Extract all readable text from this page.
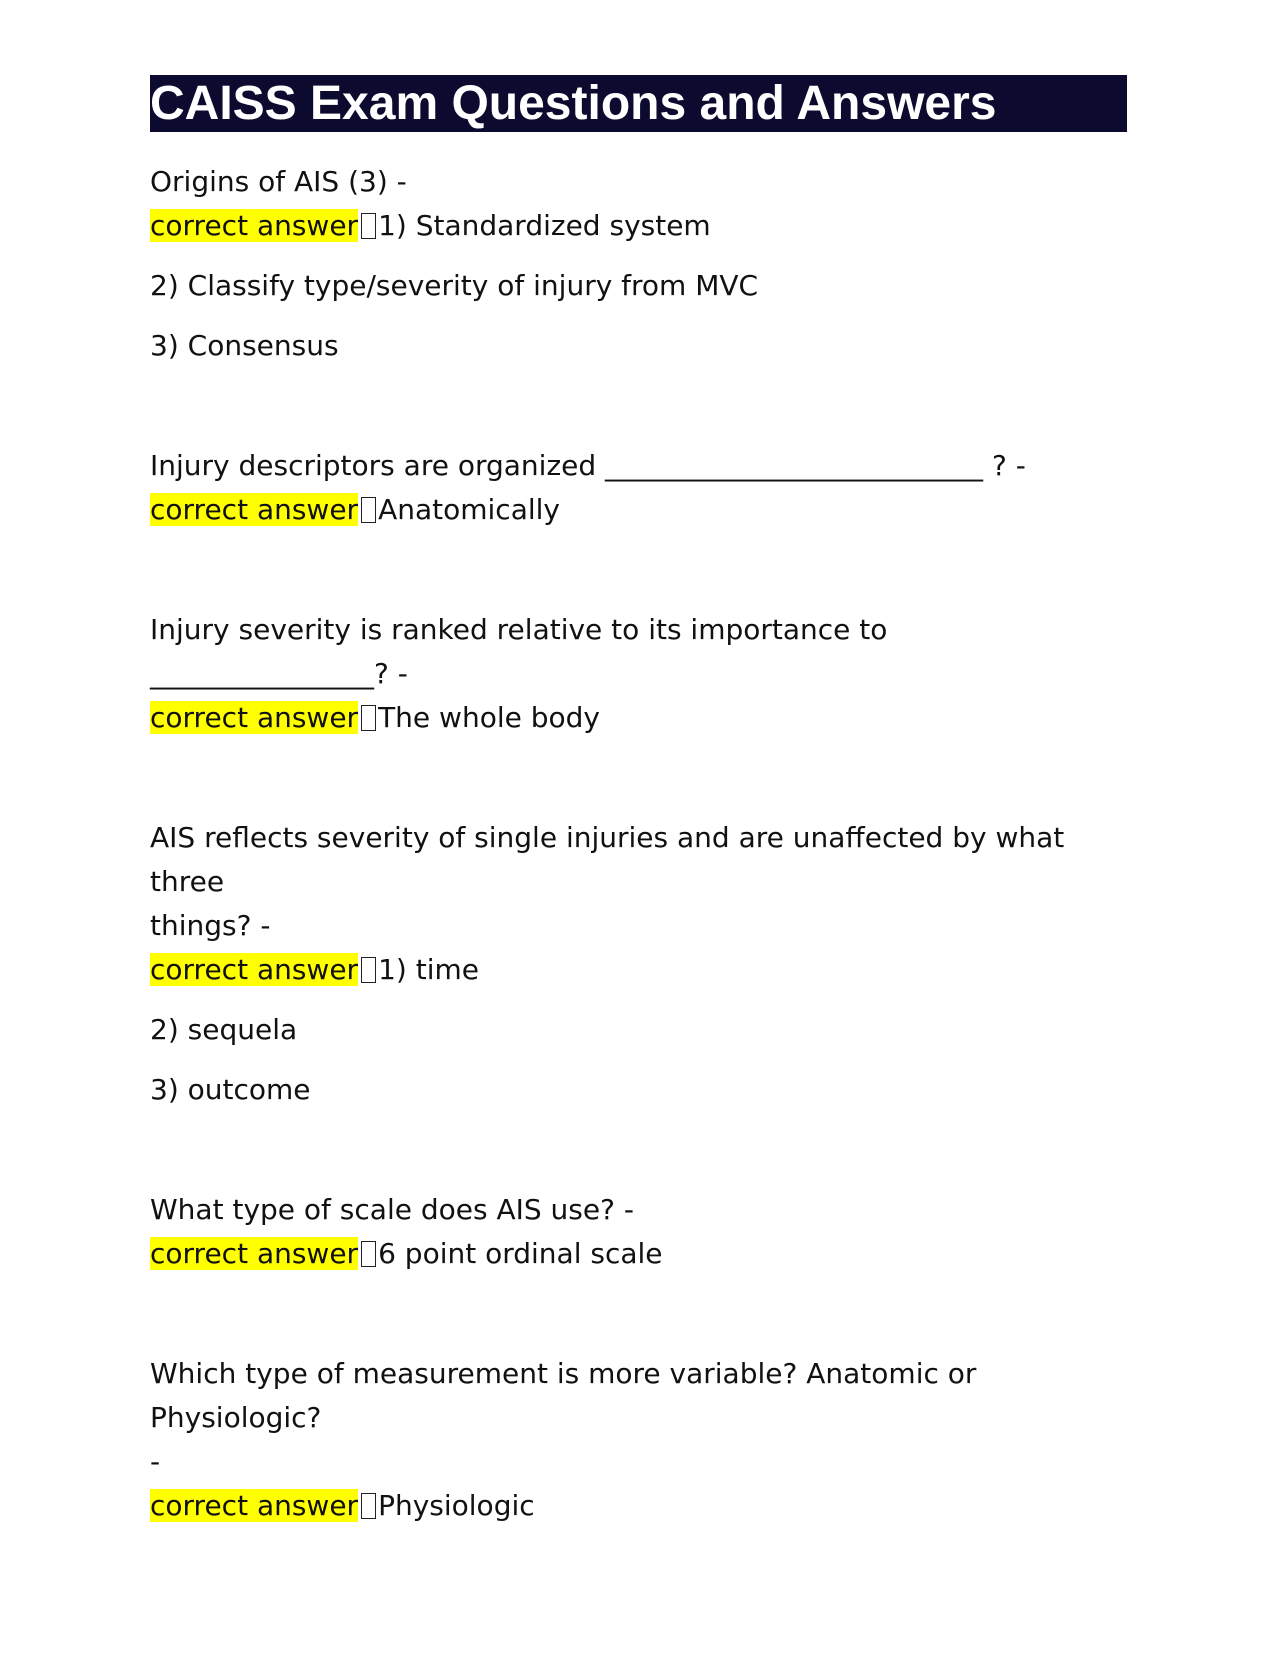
CAISS Exam Questions and Answers

Origins of AIS (3) -

correct answer 1) Standardized system

2) Classify type/severity of injury from MVC

3) Consensus

Injury descriptors are organized ___________________________ ? -

correct answer Anatomically

Injury severity is ranked relative to its importance to

________________? -

correct answer The whole body

AIS reflects severity of single injuries and are unaffected by what three

things? -

correct answer 1) time

2) sequela

3) outcome

What type of scale does AIS use? -

correct answer 6 point ordinal scale

Which type of measurement is more variable? Anatomic or Physiologic?

-

correct answer Physiologic
